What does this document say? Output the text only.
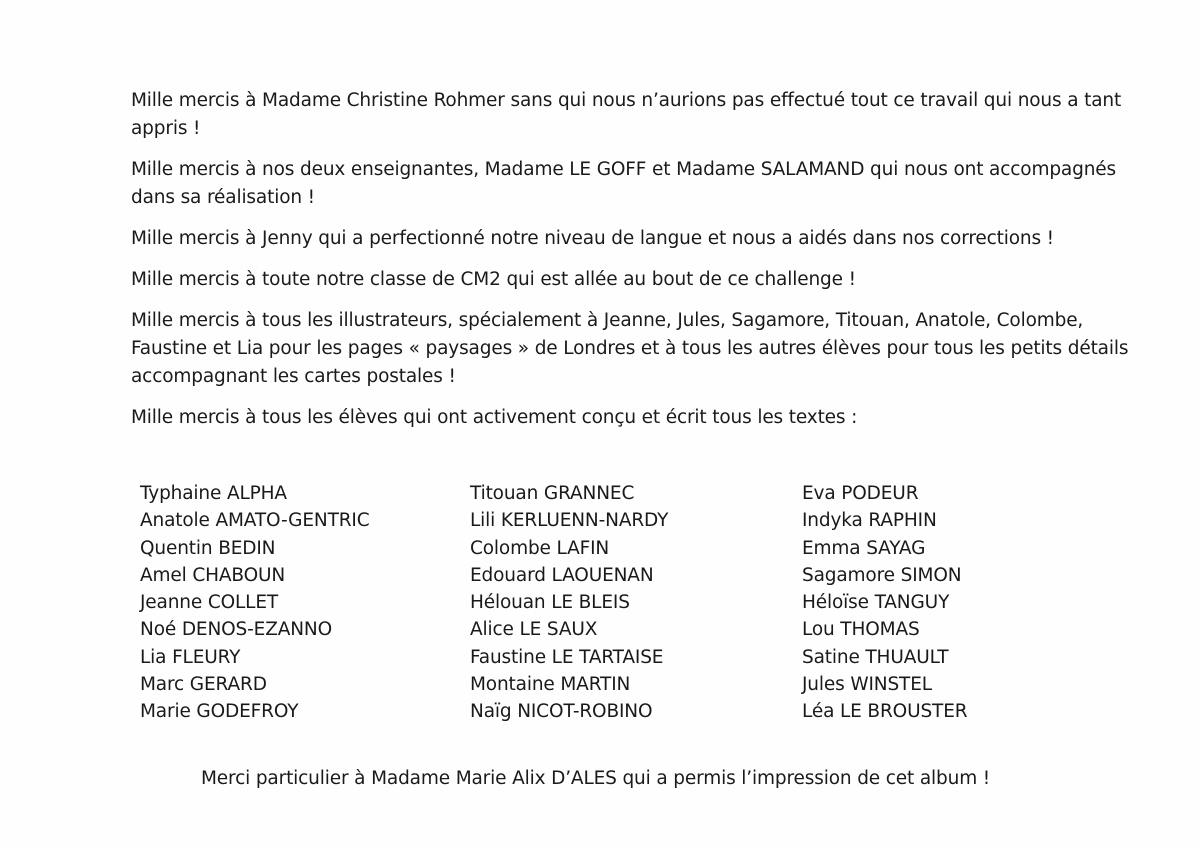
Mille mercis à Madame Christine Rohmer sans qui nous n’aurions pas effectué tout ce travail qui nous a tant appris !

Mille mercis à nos deux enseignantes, Madame LE GOFF et Madame SALAMAND qui nous ont accompagnés dans sa réalisation !

Mille mercis à Jenny qui a perfectionné notre niveau de langue et nous a aidés dans nos corrections !

Mille mercis à toute notre classe de CM2 qui est allée au bout de ce challenge !

Mille mercis à tous les illustrateurs, spécialement à Jeanne, Jules, Sagamore, Titouan, Anatole, Colombe, Faustine et Lia pour les pages « paysages » de Londres et à tous les autres élèves pour tous les petits détails accompagnant les cartes postales !

Mille mercis à tous les élèves qui ont activement conçu et écrit tous les textes :

Typhaine ALPHA
Anatole AMATO-GENTRIC
Quentin BEDIN
Amel CHABOUN
Jeanne COLLET
Noé DENOS-EZANNO
Lia FLEURY
Marc GERARD
Marie GODEFROY
Titouan GRANNEC
Lili KERLUENN-NARDY
Colombe LAFIN
Edouard LAOUENAN
Hélouan LE BLEIS
Alice LE SAUX
Faustine LE TARTAISE
Montaine MARTIN
Naïg NICOT-ROBINO
Eva PODEUR
Indyka RAPHIN
Emma SAYAG
Sagamore SIMON
Héloïse TANGUY
Lou THOMAS
Satine THUAULT
Jules WINSTEL
Léa LE BROUSTER
Merci particulier à Madame Marie Alix D’ALES qui a permis l’impression de cet album !
